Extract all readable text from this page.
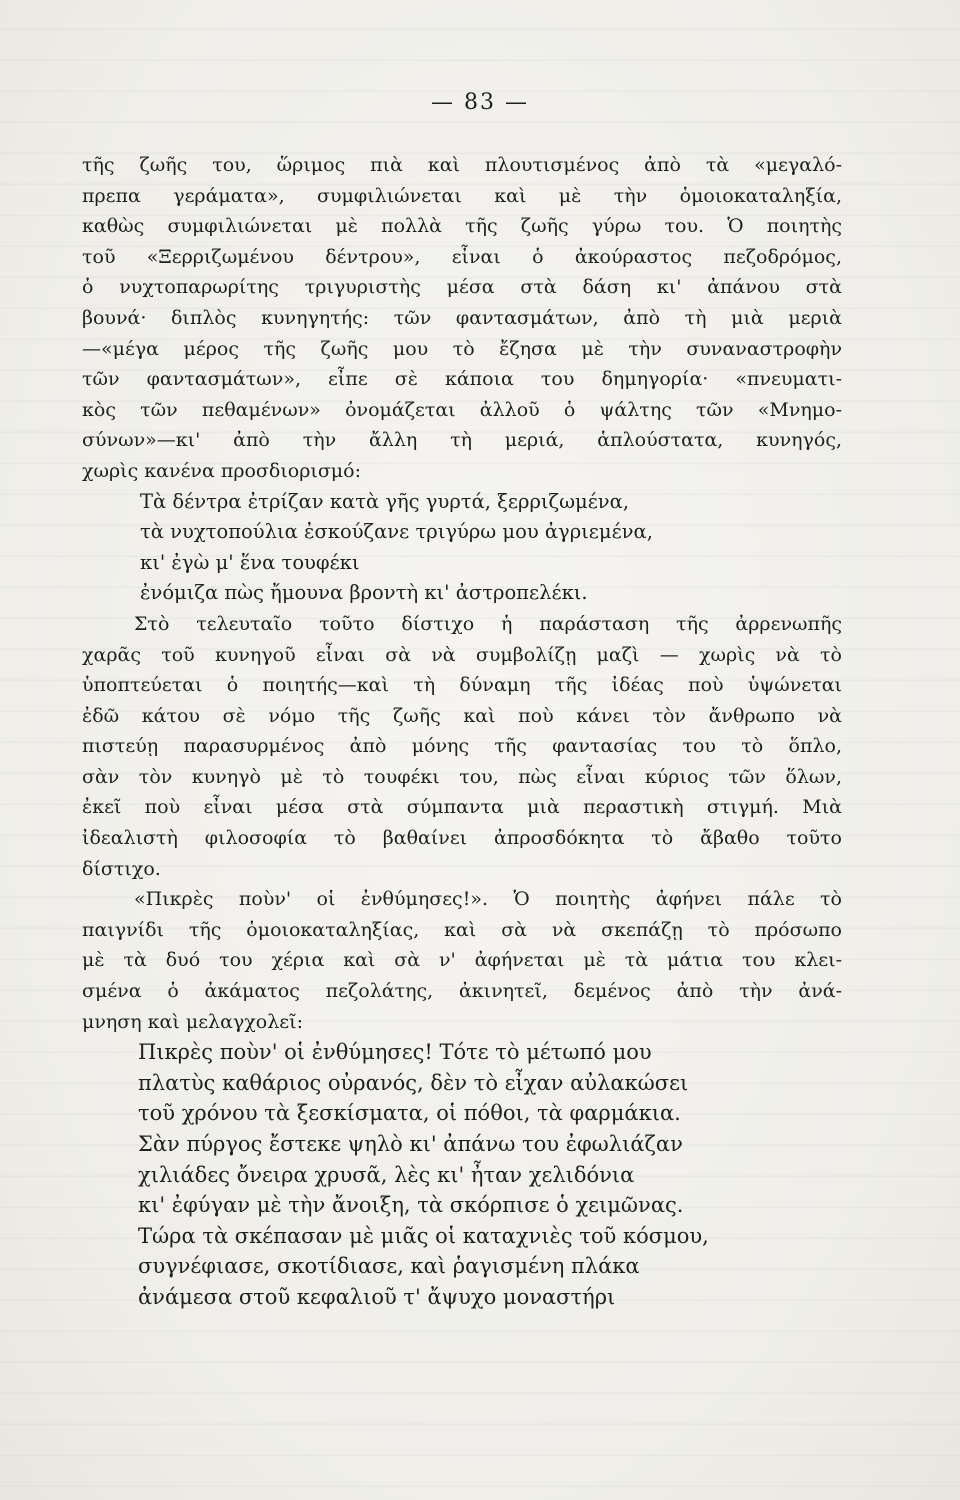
— 83 —
τῆς ζωῆς του, ὥριμος πιὰ καὶ πλουτισμένος ἀπὸ τὰ «μεγαλό-
πρεπα γεράματα», συμφιλιώνεται καὶ μὲ τὴν ὁμοιοκαταληξία,
καθὼς συμφιλιώνεται μὲ πολλὰ τῆς ζωῆς γύρω του. Ὁ ποιητὴς
τοῦ «Ξερριζωμένου δέντρου», εἶναι ὁ ἀκούραστος πεζοδρόμος,
ὁ νυχτοπαρωρίτης τριγυριστὴς μέσα στὰ δάση κι' ἀπάνου στὰ
βουνά· διπλὸς κυνηγητής: τῶν φαντασμάτων, ἀπὸ τὴ μιὰ μεριὰ
—«μέγα μέρος τῆς ζωῆς μου τὸ ἔζησα μὲ τὴν συναναστροφὴν
τῶν φαντασμάτων», εἶπε σὲ κάποια του δημηγορία· «πνευματι-
κὸς τῶν πεθαμένων» ὀνομάζεται ἀλλοῦ ὁ ψάλτης τῶν «Μνημο-
σύνων»—κι' ἀπὸ τὴν ἄλλη τὴ μεριά, ἁπλούστατα, κυνηγός,
χωρὶς κανένα προσδιορισμό:
Τὰ δέντρα ἐτρίζαν κατὰ γῆς γυρτά, ξερριζωμένα,
τὰ νυχτοπούλια ἐσκούζανε τριγύρω μου ἀγριεμένα,
κι' ἐγὼ μ' ἕνα τουφέκι
ἐνόμιζα πὼς ἤμουνα βροντὴ κι' ἀστροπελέκι.
Στὸ τελευταῖο τοῦτο δίστιχο ἡ παράσταση τῆς ἀρρενωπῆς
χαρᾶς τοῦ κυνηγοῦ εἶναι σὰ νὰ συμβολίζῃ μαζὶ — χωρὶς νὰ τὸ
ὑποπτεύεται ὁ ποιητής—καὶ τὴ δύναμη τῆς ἰδέας ποὺ ὑψώνεται
ἐδῶ κάτου σὲ νόμο τῆς ζωῆς καὶ ποὺ κάνει τὸν ἄνθρωπο νὰ
πιστεύῃ παρασυρμένος ἀπὸ μόνης τῆς φαντασίας του τὸ ὅπλο,
σὰν τὸν κυνηγὸ μὲ τὸ τουφέκι του, πὼς εἶναι κύριος τῶν ὅλων,
ἐκεῖ ποὺ εἶναι μέσα στὰ σύμπαντα μιὰ περαστικὴ στιγμή. Μιὰ
ἰδεαλιστὴ φιλοσοφία τὸ βαθαίνει ἀπροσδόκητα τὸ ἄβαθο τοῦτο
δίστιχο.
«Πικρὲς ποὺν' οἱ ἐνθύμησες!». Ὁ ποιητὴς ἀφήνει πάλε τὸ
παιγνίδι τῆς ὁμοιοκαταληξίας, καὶ σὰ νὰ σκεπάζῃ τὸ πρόσωπο
μὲ τὰ δυό του χέρια καὶ σὰ ν' ἀφήνεται μὲ τὰ μάτια του κλει-
σμένα ὁ ἀκάματος πεζολάτης, ἀκινητεῖ, δεμένος ἀπὸ τὴν ἀνά-
μνηση καὶ μελαγχολεῖ:
Πικρὲς ποὺν' οἱ ἐνθύμησες! Τότε τὸ μέτωπό μου
πλατὺς καθάριος οὐρανός, δὲν τὸ εἶχαν αὐλακώσει
τοῦ χρόνου τὰ ξεσκίσματα, οἱ πόθοι, τὰ φαρμάκια.
Σὰν πύργος ἔστεκε ψηλὸ κι' ἀπάνω του ἐφωλιάζαν
χιλιάδες ὄνειρα χρυσᾶ, λὲς κι' ἦταν χελιδόνια
κι' ἐφύγαν μὲ τὴν ἄνοιξη, τὰ σκόρπισε ὁ χειμῶνας.
Τώρα τὰ σκέπασαν μὲ μιᾶς οἱ καταχνιὲς τοῦ κόσμου,
συγνέφιασε, σκοτίδιασε, καὶ ῥαγισμένη πλάκα
ἀνάμεσα στοῦ κεφαλιοῦ τ' ἄψυχο μοναστήρι
